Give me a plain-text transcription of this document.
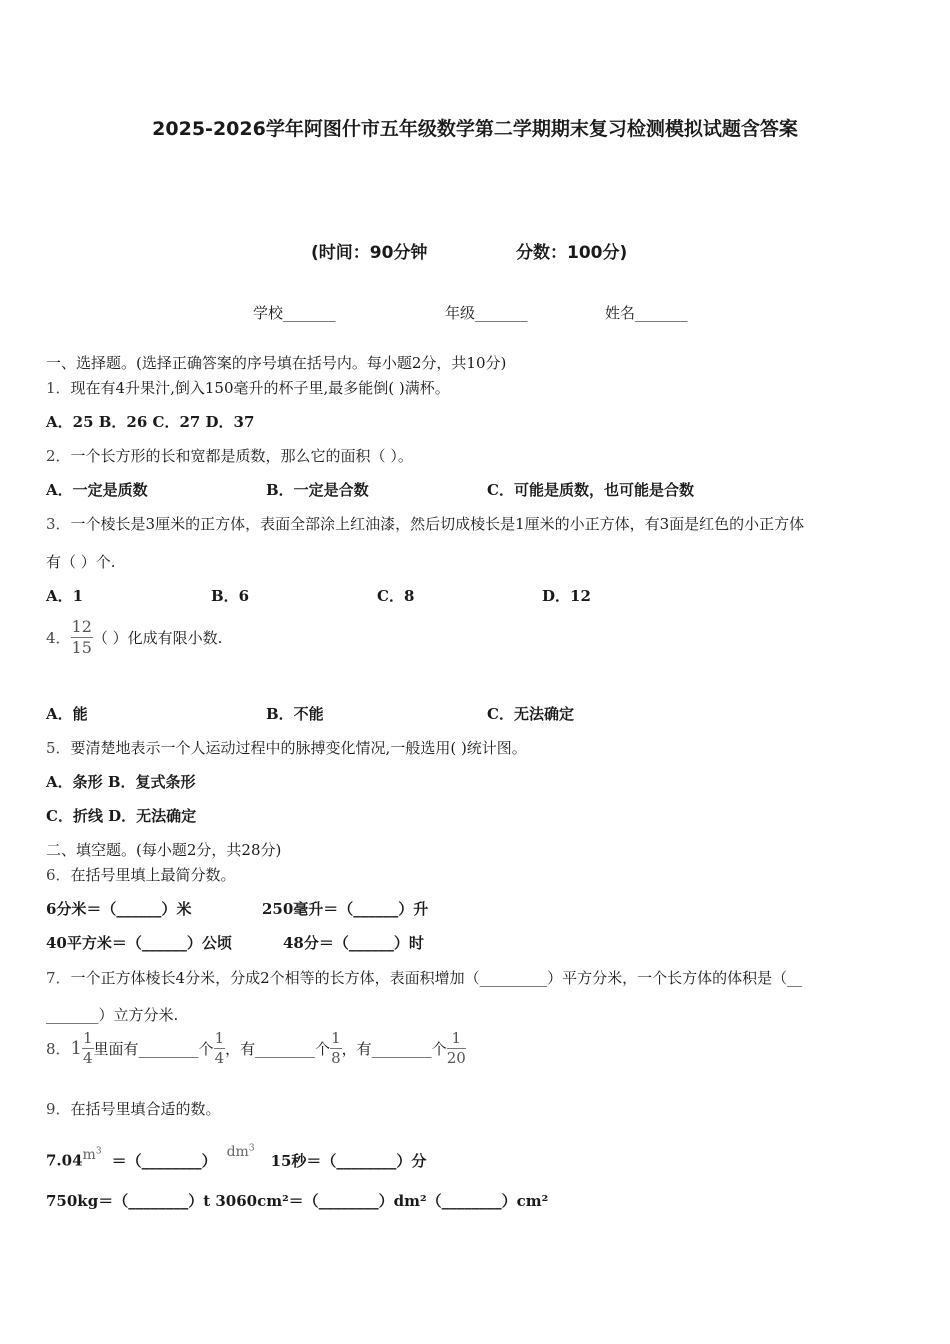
2025-2026学年阿图什市五年级数学第二学期期末复习检测模拟试题含答案
(时间：90分钟	分数：100分)
学校_______	年级_______	姓名_______
一、选择题。(选择正确答案的序号填在括号内。每小题2分，共10分)
1．现在有4升果汁,倒入150毫升的杯子里,最多能倒( )满杯。
A．25 B．26 C．27 D．37
2．一个长方形的长和宽都是质数，那么它的面积（ ）。
A．一定是质数	B．一定是合数	C．可能是质数，也可能是合数
3．一个棱长是3厘米的正方体，表面全部涂上红油漆，然后切成棱长是1厘米的小正方体，有3面是红色的小正方体
有（ ）个.
A．1	B．6	C．8	D．12
4． $\frac{12}{15}$ （ ）化成有限小数.
A．能	B．不能	C．无法确定
5．要清楚地表示一个人运动过程中的脉搏变化情况,一般选用( )统计图。
A．条形 B．复式条形
C．折线 D．无法确定
二、填空题。(每小题2分，共28分)
6．在括号里填上最简分数。
6分米＝（______）米	250毫升＝（______）升
40平方米＝（______）公顷	48分＝（______）时
7．一个正方体棱长4分米，分成2个相等的长方体，表面积增加（_________）平方分米，一个长方体的体积是（__
_______）立方分米.
8．$1 \frac{1}{4}$ 里面有________个 $\frac{1}{4}$ ，有________个 $\frac{1}{8}$ ，有________个 $\frac{1}{20}$
9．在括号里填合适的数。
$7.04m^3=(\_\_\_\_\_\_\_\_)$ $dm^315$秒＝（________）分
750kg＝（________）t 3060cm²＝（________）dm²（________）cm²
